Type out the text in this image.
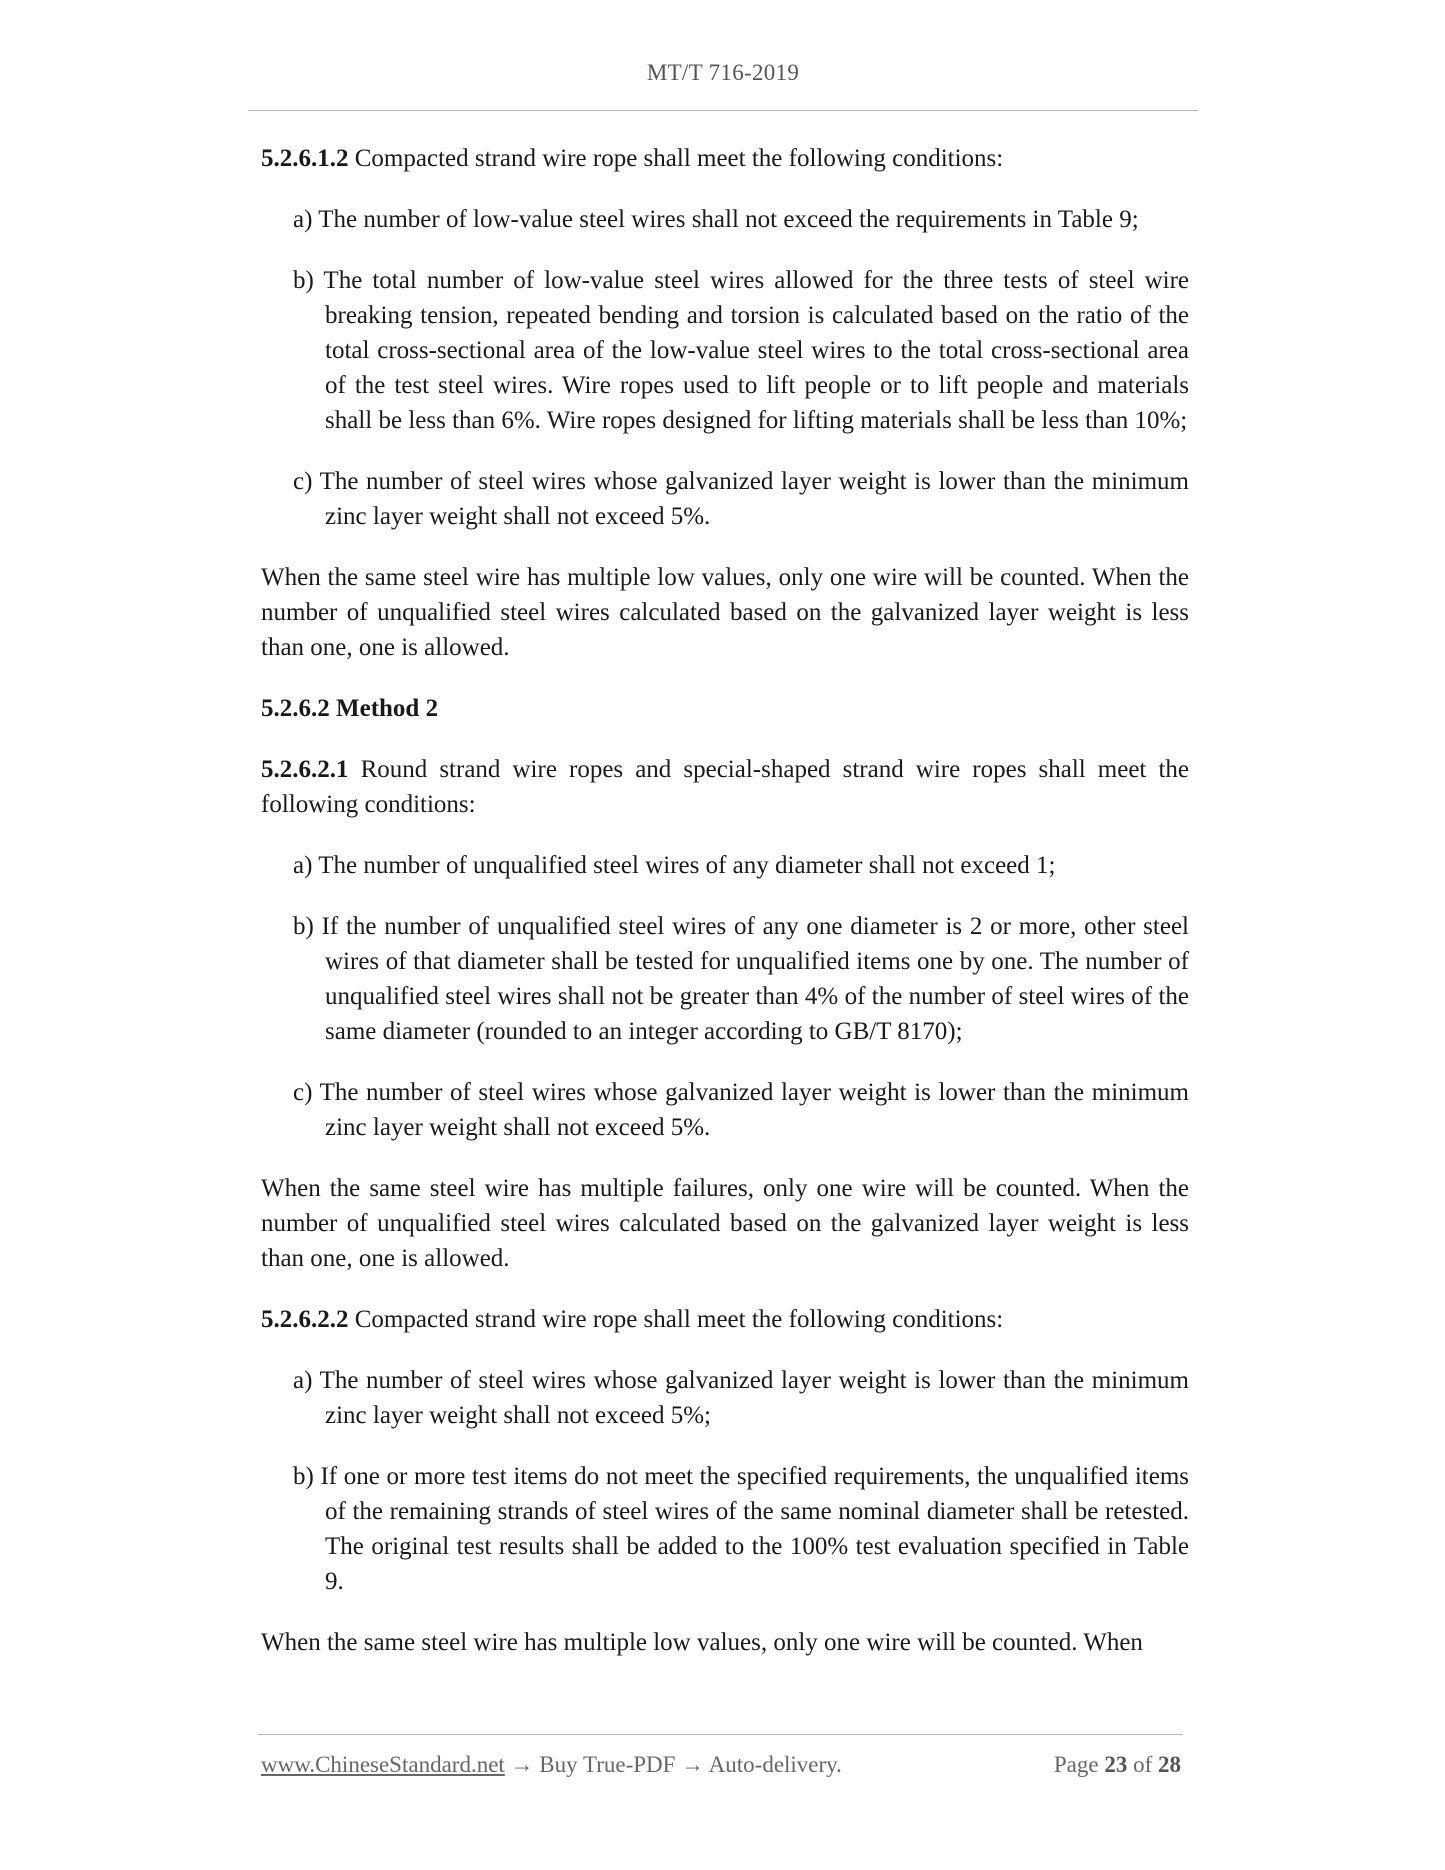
MT/T 716-2019

5.2.6.1.2 Compacted strand wire rope shall meet the following conditions:

a) The number of low-value steel wires shall not exceed the requirements in Table 9;

b) The total number of low-value steel wires allowed for the three tests of steel wire breaking tension, repeated bending and torsion is calculated based on the ratio of the total cross-sectional area of the low-value steel wires to the total cross-sectional area of the test steel wires. Wire ropes used to lift people or to lift people and materials shall be less than 6%. Wire ropes designed for lifting materials shall be less than 10%;

c) The number of steel wires whose galvanized layer weight is lower than the minimum zinc layer weight shall not exceed 5%.

When the same steel wire has multiple low values, only one wire will be counted. When the number of unqualified steel wires calculated based on the galvanized layer weight is less than one, one is allowed.

5.2.6.2 Method 2

5.2.6.2.1 Round strand wire ropes and special-shaped strand wire ropes shall meet the following conditions:

a) The number of unqualified steel wires of any diameter shall not exceed 1;

b) If the number of unqualified steel wires of any one diameter is 2 or more, other steel wires of that diameter shall be tested for unqualified items one by one. The number of unqualified steel wires shall not be greater than 4% of the number of steel wires of the same diameter (rounded to an integer according to GB/T 8170);

c) The number of steel wires whose galvanized layer weight is lower than the minimum zinc layer weight shall not exceed 5%.

When the same steel wire has multiple failures, only one wire will be counted. When the number of unqualified steel wires calculated based on the galvanized layer weight is less than one, one is allowed.

5.2.6.2.2 Compacted strand wire rope shall meet the following conditions:

a) The number of steel wires whose galvanized layer weight is lower than the minimum zinc layer weight shall not exceed 5%;

b) If one or more test items do not meet the specified requirements, the unqualified items of the remaining strands of steel wires of the same nominal diameter shall be retested. The original test results shall be added to the 100% test evaluation specified in Table 9.

When the same steel wire has multiple low values, only one wire will be counted. When

www.ChineseStandard.net → Buy True-PDF → Auto-delivery.	Page 23 of 28
